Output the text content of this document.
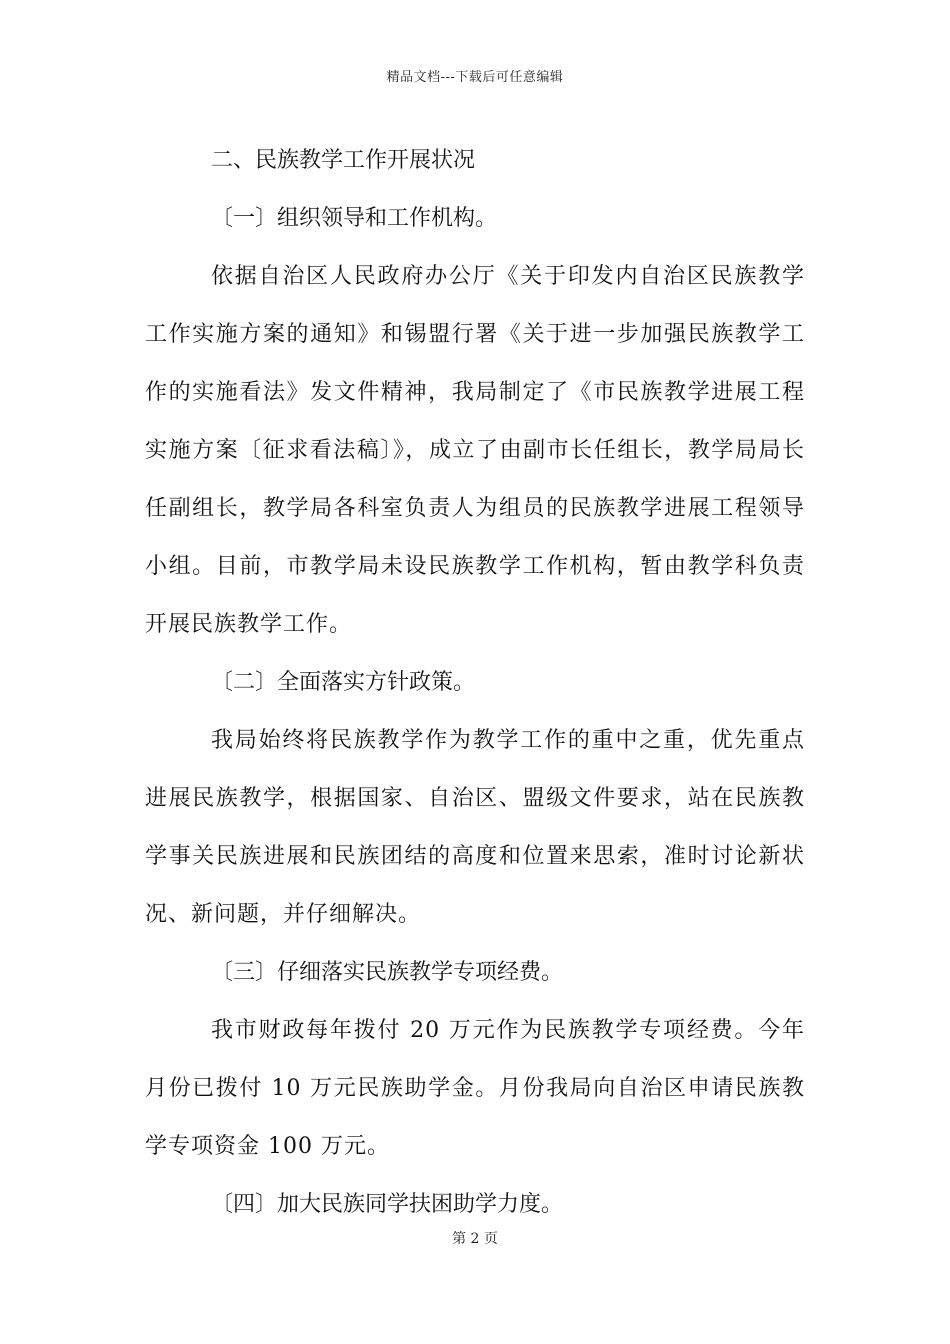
精品文档---下载后可任意编辑
二、民族教学工作开展状况
〔一〕组织领导和工作机构。

依据自治区人民政府办公厅《关于印发内自治区民族教学工作实施方案的通知》和锡盟行署《关于进一步加强民族教学工作的实施看法》发文件精神，我局制定了《市民族教学进展工程实施方案〔征求看法稿〕》，成立了由副市长任组长，教学局局长任副组长，教学局各科室负责人为组员的民族教学进展工程领导小组。目前，市教学局未设民族教学工作机构，暂由教学科负责开展民族教学工作。

〔二〕全面落实方针政策。

我局始终将民族教学作为教学工作的重中之重，优先重点进展民族教学，根据国家、自治区、盟级文件要求，站在民族教学事关民族进展和民族团结的高度和位置来思索，准时讨论新状况、新问题，并仔细解决。

〔三〕仔细落实民族教学专项经费。

我市财政每年拨付 20 万元作为民族教学专项经费。今年月份已拨付 10 万元民族助学金。月份我局向自治区申请民族教学专项资金 100 万元。

〔四〕加大民族同学扶困助学力度。
第 2 页
